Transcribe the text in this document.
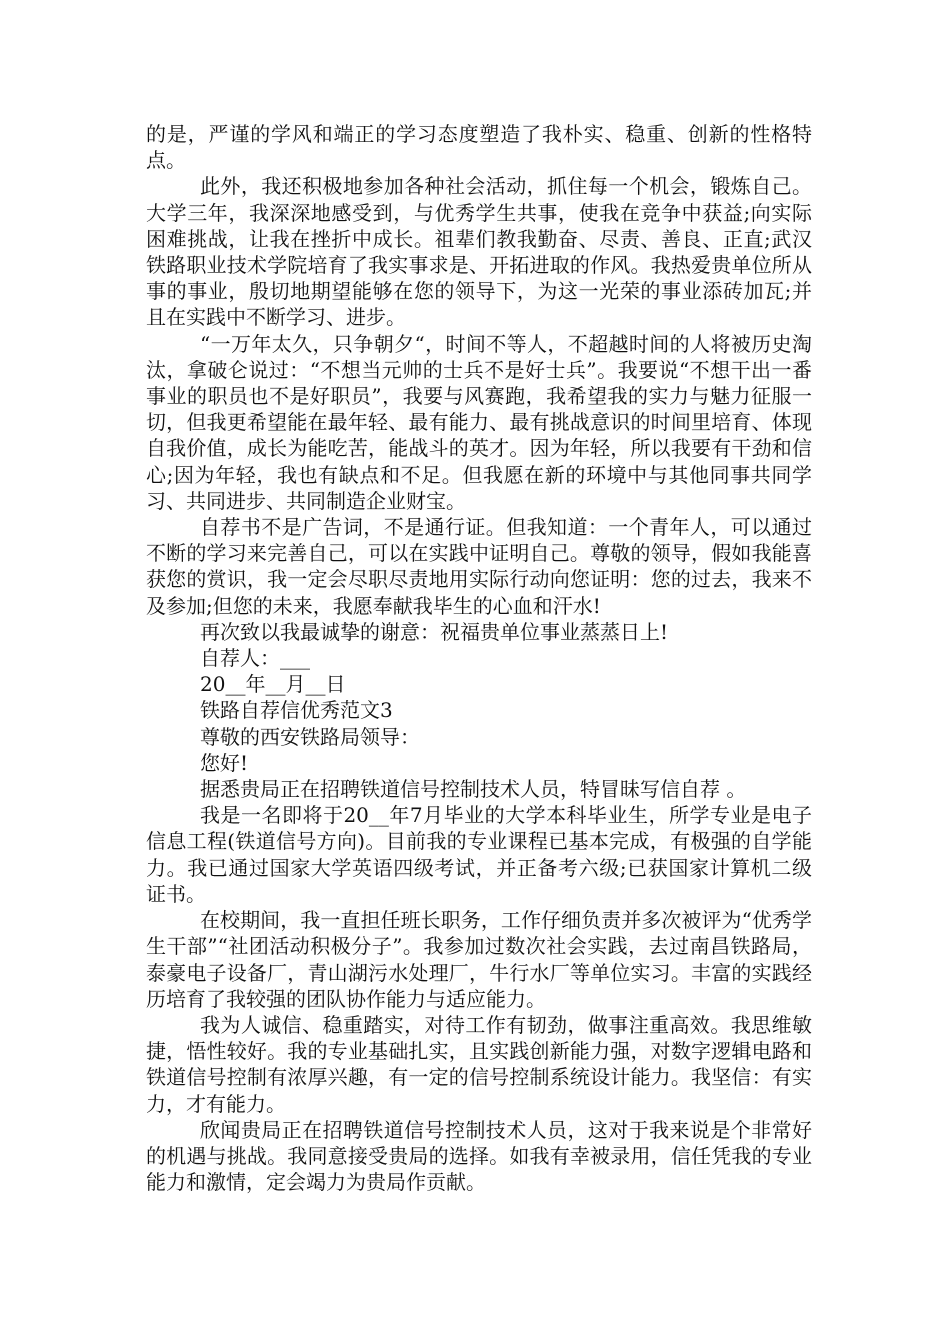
的是，严谨的学风和端正的学习态度塑造了我朴实、稳重、创新的性格特点。

此外，我还积极地参加各种社会活动，抓住每一个机会，锻炼自己。大学三年，我深深地感受到，与优秀学生共事，使我在竞争中获益;向实际困难挑战，让我在挫折中成长。祖辈们教我勤奋、尽责、善良、正直;武汉铁路职业技术学院培育了我实事求是、开拓进取的作风。我热爱贵单位所从事的事业，殷切地期望能够在您的领导下，为这一光荣的事业添砖加瓦;并且在实践中不断学习、进步。

“一万年太久，只争朝夕“，时间不等人，不超越时间的人将被历史淘汰，拿破仑说过：“不想当元帅的士兵不是好士兵”。我要说“不想干出一番事业的职员也不是好职员”，我要与风赛跑，我希望我的实力与魅力征服一切，但我更希望能在最年轻、最有能力、最有挑战意识的时间里培育、体现自我价值，成长为能吃苦，能战斗的英才。因为年轻，所以我要有干劲和信心;因为年轻，我也有缺点和不足。但我愿在新的环境中与其他同事共同学习、共同进步、共同制造企业财宝。

自荐书不是广告词，不是通行证。但我知道：一个青年人，可以通过不断的学习来完善自己，可以在实践中证明自己。尊敬的领导，假如我能喜获您的赏识，我一定会尽职尽责地用实际行动向您证明：您的过去，我来不及参加;但您的未来，我愿奉献我毕生的心血和汗水!

再次致以我最诚挚的谢意：祝福贵单位事业蒸蒸日上!

自荐人：___

20__年__月__日

铁路自荐信优秀范文3

尊敬的西安铁路局领导：

您好!

据悉贵局正在招聘铁道信号控制技术人员，特冒昧写信自荐 。

我是一名即将于20__年7月毕业的大学本科毕业生，所学专业是电子信息工程(铁道信号方向)。目前我的专业课程已基本完成，有极强的自学能力。我已通过国家大学英语四级考试，并正备考六级;已获国家计算机二级证书。

在校期间，我一直担任班长职务，工作仔细负责并多次被评为“优秀学生干部”“社团活动积极分子”。我参加过数次社会实践，去过南昌铁路局，泰豪电子设备厂，青山湖污水处理厂，牛行水厂等单位实习。丰富的实践经历培育了我较强的团队协作能力与适应能力。

我为人诚信、稳重踏实，对待工作有韧劲，做事注重高效。我思维敏捷，悟性较好。我的专业基础扎实，且实践创新能力强，对数字逻辑电路和铁道信号控制有浓厚兴趣，有一定的信号控制系统设计能力。我坚信：有实力，才有能力。

欣闻贵局正在招聘铁道信号控制技术人员，这对于我来说是个非常好的机遇与挑战。我同意接受贵局的选择。如我有幸被录用，信任凭我的专业能力和激情，定会竭力为贵局作贡献。
